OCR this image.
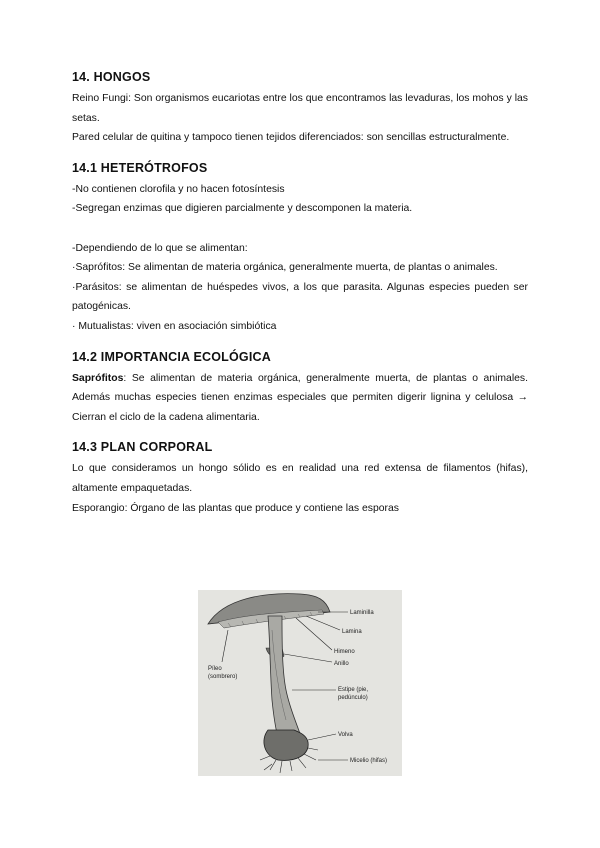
14. HONGOS

Reino Fungi: Son organismos eucariotas entre los que encontramos las levaduras, los mohos y las setas.

Pared celular de quitina y tampoco tienen tejidos diferenciados: son sencillas estructuralmente.

14.1 HETERÓTROFOS

-No contienen clorofila y no hacen fotosíntesis

-Segregan enzimas que digieren parcialmente y descomponen la materia.

-Dependiendo de lo que se alimentan:

·Saprófitos: Se alimentan de materia orgánica, generalmente muerta, de plantas o animales.

·Parásitos: se alimentan de huéspedes vivos, a los que parasita. Algunas especies pueden ser patogénicas.

· Mutualistas: viven en asociación simbiótica

14.2 IMPORTANCIA ECOLÓGICA

Saprófitos: Se alimentan de materia orgánica, generalmente muerta, de plantas o animales. Además muchas especies tienen enzimas especiales que permiten digerir lignina y celulosa → Cierran el ciclo de la cadena alimentaria.

14.3 PLAN CORPORAL

Lo que consideramos un hongo sólido es en realidad una red extensa de filamentos (hifas), altamente empaquetadas.

Esporangio: Órgano de las plantas que produce y contiene las esporas

Laminilla
Lamina
Himeno
Anillo
Píleo
(sombrero)
Estipe (pie,
pedúnculo)
Volva
Micelio (hifas)
